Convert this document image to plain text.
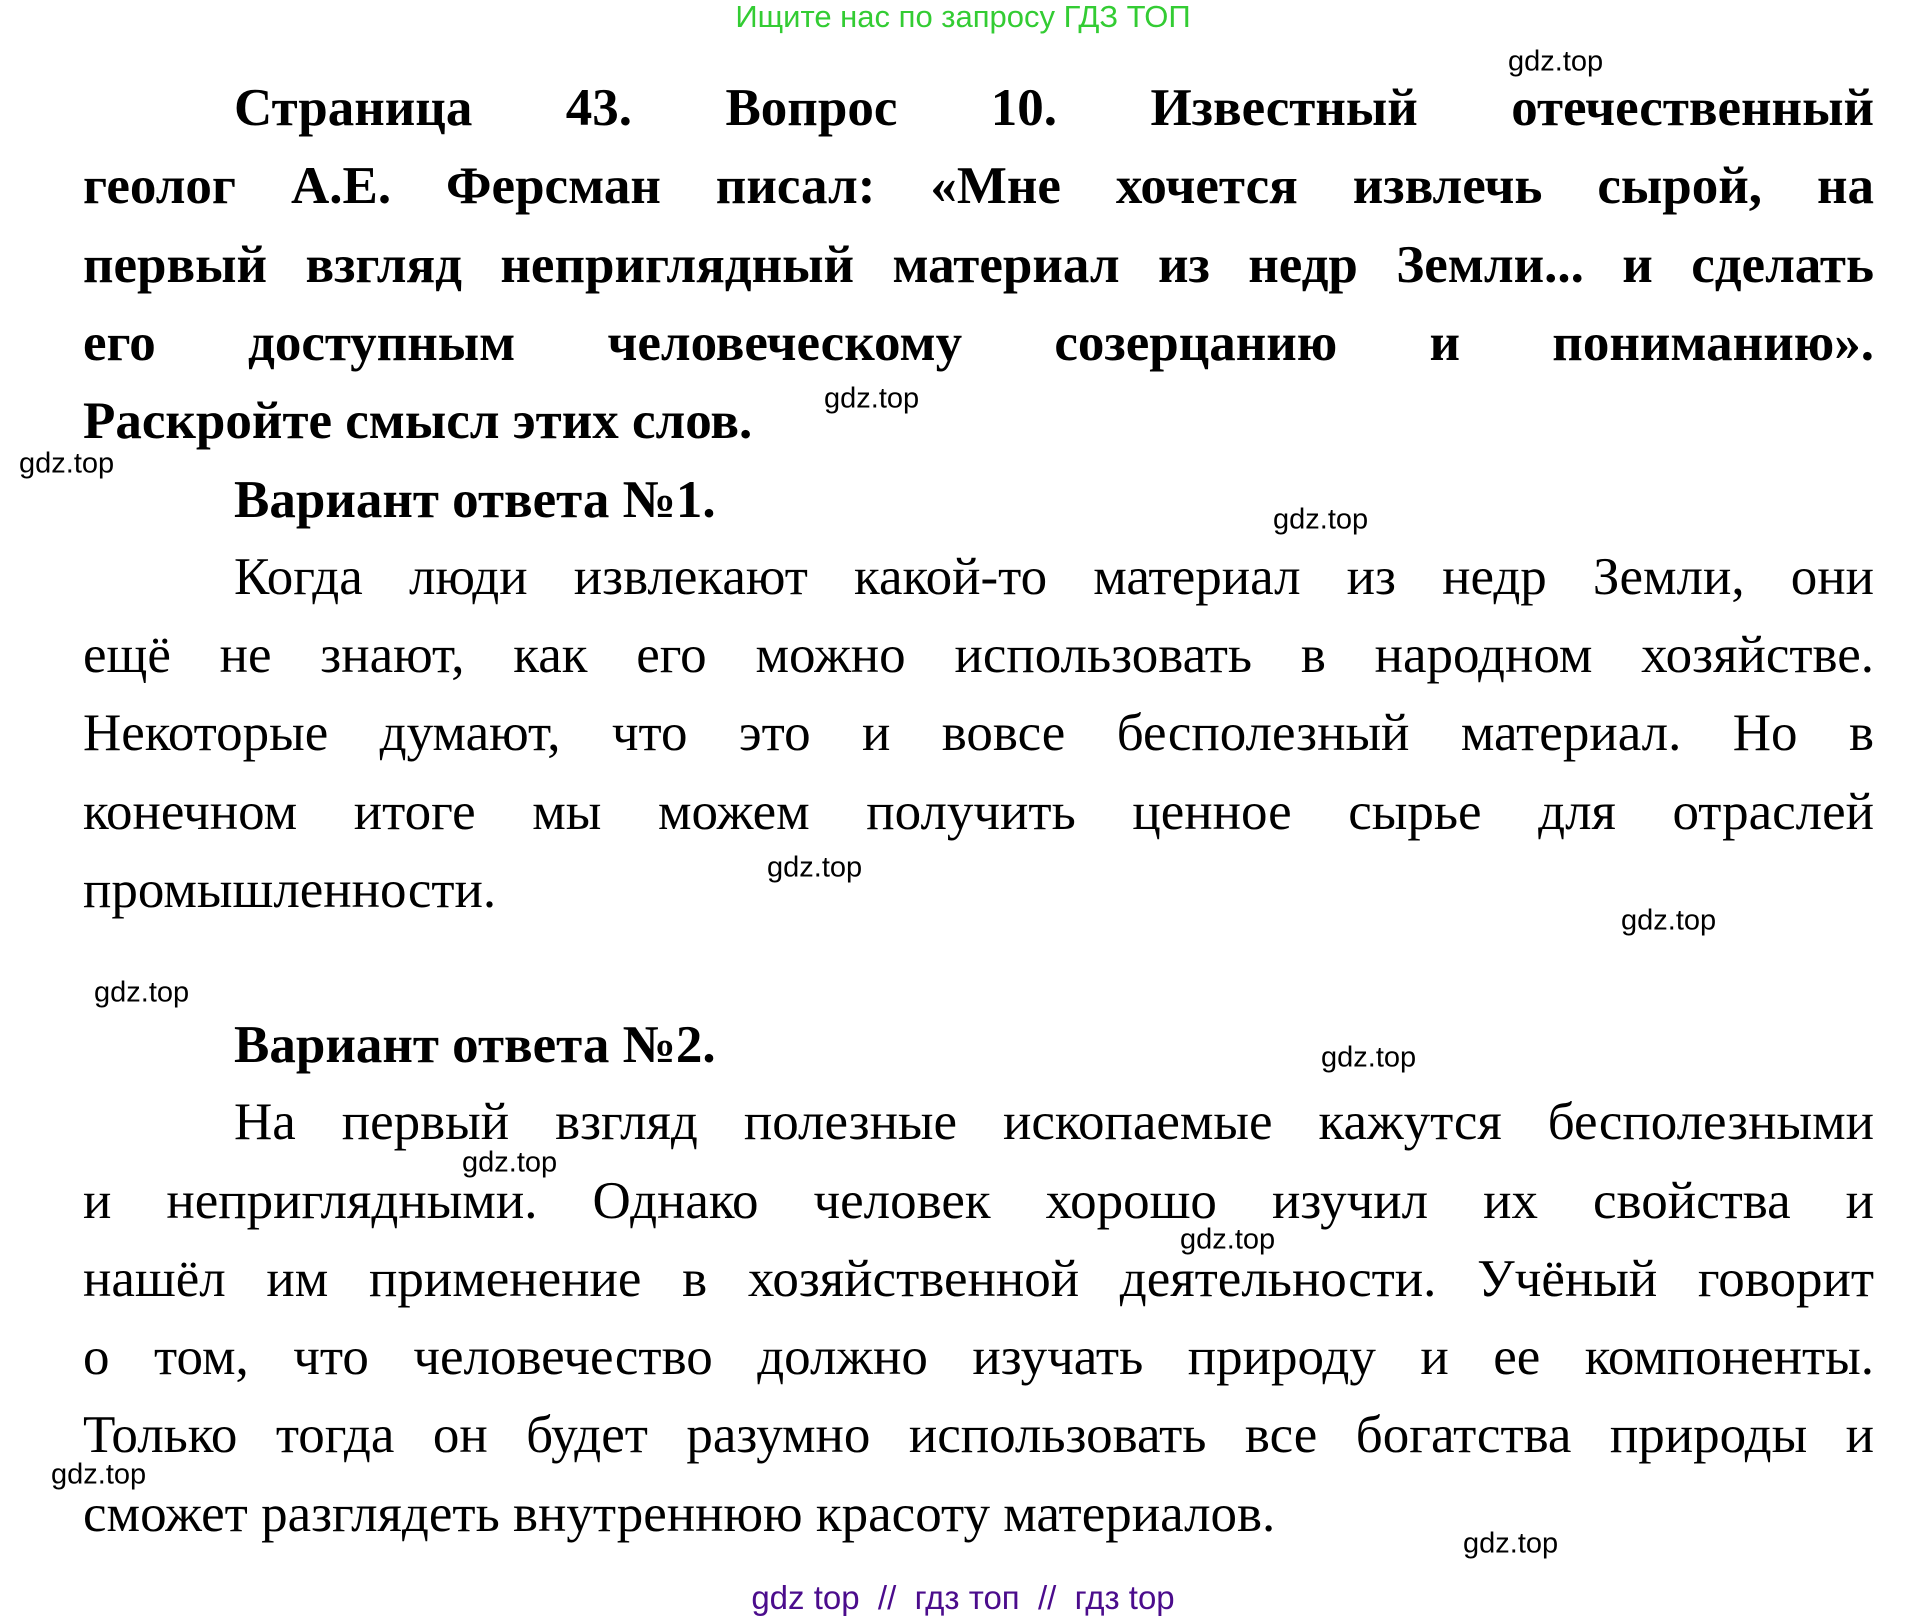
Ищите нас по запросу ГДЗ ТОП
Страница 43. Вопрос 10. Известный отечественный
геолог А.Е. Ферсман писал: «Мне хочется извлечь сырой, на
первый взгляд неприглядный материал из недр Земли... и сделать
его доступным человеческому созерцанию и пониманию».
Раскройте смысл этих слов.
Вариант ответа №1.
Когда люди извлекают какой-то материал из недр Земли, они
ещё не знают, как его можно использовать в народном хозяйстве.
Некоторые думают, что это и вовсе бесполезный материал. Но в
конечном итоге мы можем получить ценное сырье для отраслей
промышленности.
Вариант ответа №2.
На первый взгляд полезные ископаемые кажутся бесполезными
и неприглядными. Однако человек хорошо изучил их свойства и
нашёл им применение в хозяйственной деятельности. Учёный говорит
о том, что человечество должно изучать природу и ее компоненты.
Только тогда он будет разумно использовать все богатства природы и
сможет разглядеть внутреннюю красоту материалов.
gdz.top
gdz.top
gdz.top
gdz.top
gdz.top
gdz.top
gdz.top
gdz.top
gdz.top
gdz.top
gdz.top
gdz.top
gdz top  //  гдз топ  //  гдз top
